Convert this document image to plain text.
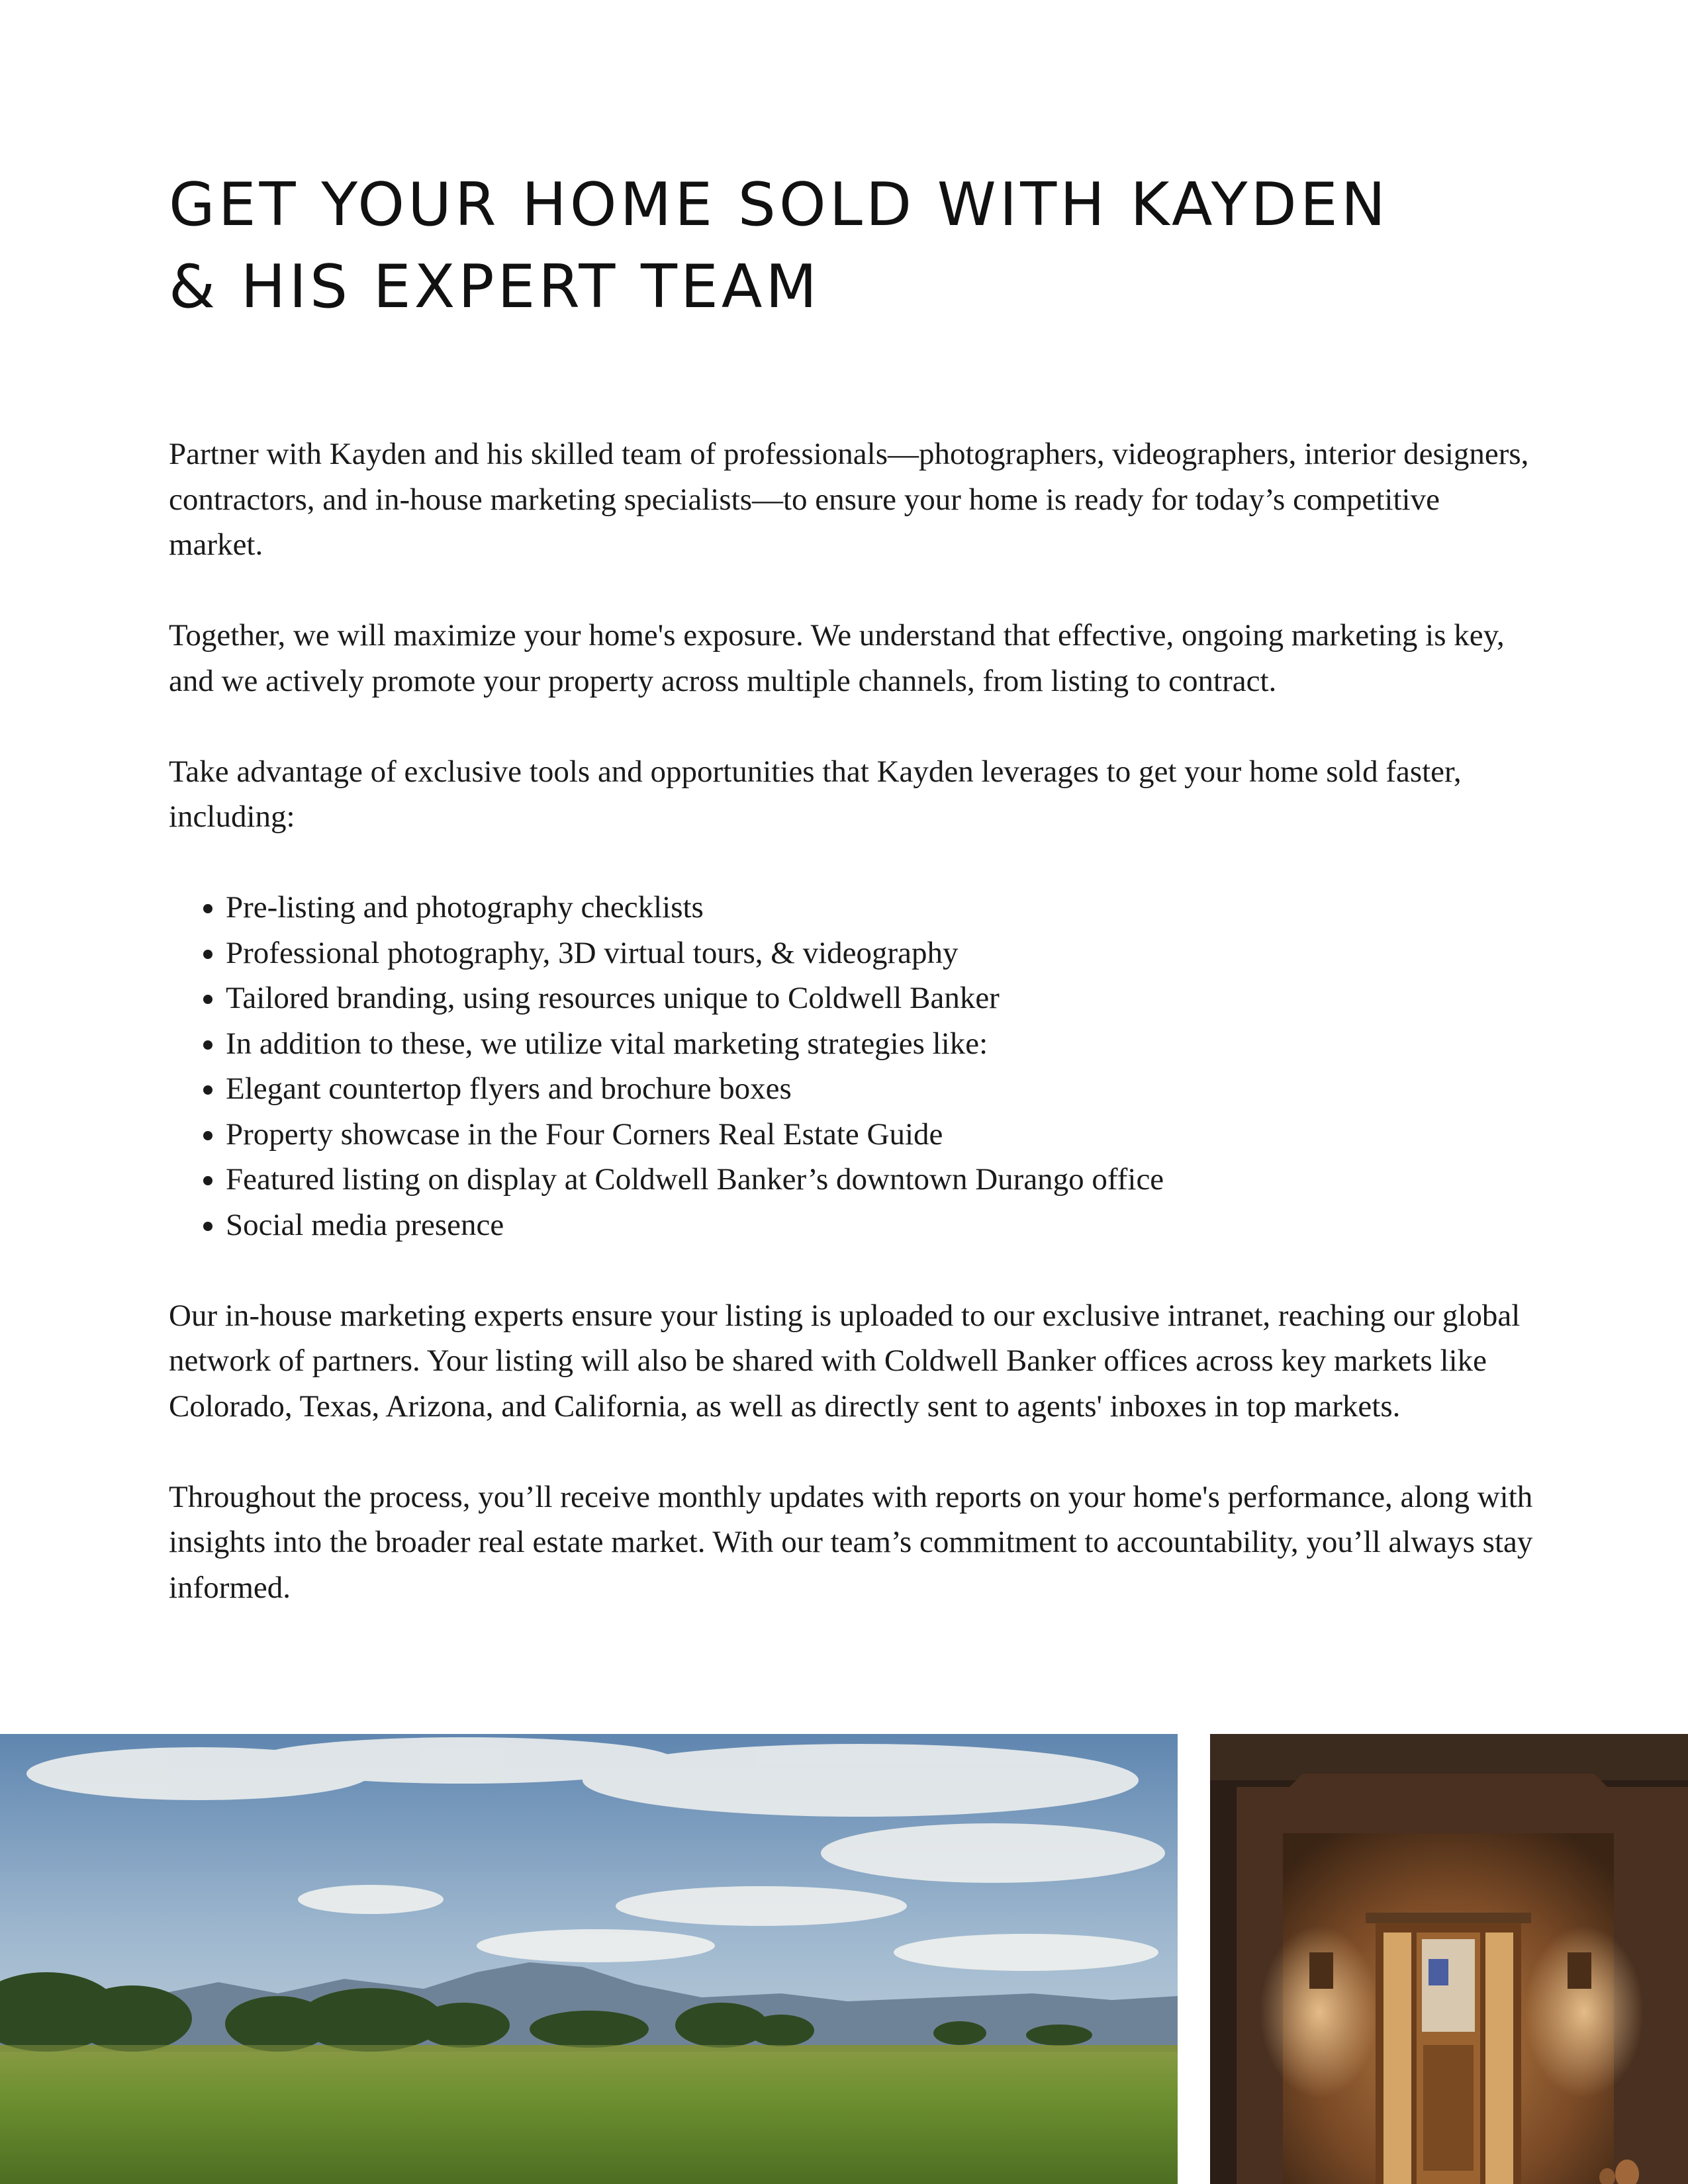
GET YOUR HOME SOLD WITH KAYDEN
& HIS EXPERT TEAM

Partner with Kayden and his skilled team of professionals—photographers, videographers, interior designers, contractors, and in-house marketing specialists—to ensure your home is ready for today’s competitive market.

Together, we will maximize your home's exposure. We understand that effective, ongoing marketing is key, and we actively promote your property across multiple channels, from listing to contract.

Take advantage of exclusive tools and opportunities that Kayden leverages to get your home sold faster, including:

• Pre-listing and photography checklists
• Professional photography, 3D virtual tours, & videography
• Tailored branding, using resources unique to Coldwell Banker
• In addition to these, we utilize vital marketing strategies like:
• Elegant countertop flyers and brochure boxes
• Property showcase in the Four Corners Real Estate Guide
• Featured listing on display at Coldwell Banker’s downtown Durango office
• Social media presence

Our in-house marketing experts ensure your listing is uploaded to our exclusive intranet, reaching our global network of partners. Your listing will also be shared with Coldwell Banker offices across key markets like Colorado, Texas, Arizona, and California, as well as directly sent to agents' inboxes in top markets.

Throughout the process, you’ll receive monthly updates with reports on your home's performance, along with insights into the broader real estate market. With our team’s commitment to accountability, you’ll always stay informed.
